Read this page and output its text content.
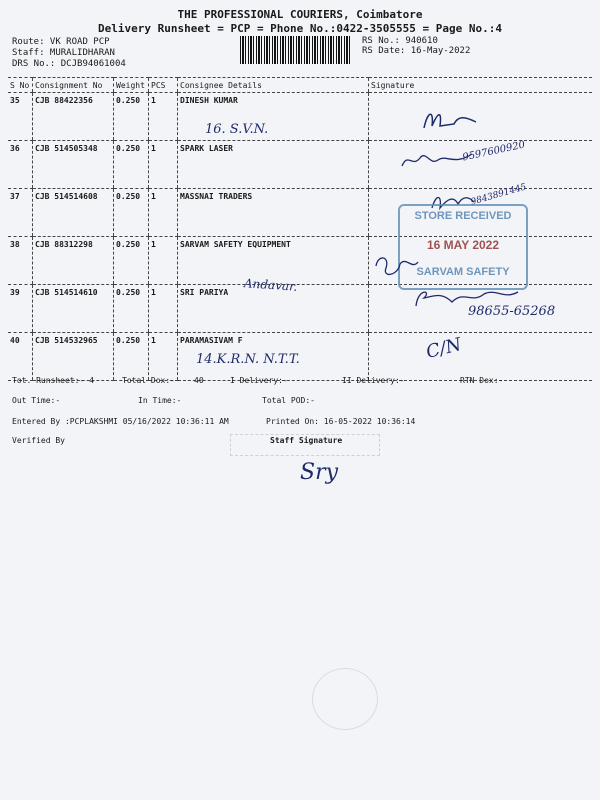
THE PROFESSIONAL COURIERS, Coimbatore
Delivery Runsheet = PCP = Phone No.:0422-3505555 = Page No.:4
Route: VK ROAD PCP
Staff: MURALIDHARAN
DRS No.: DCJB94061004
RS No.: 940610
RS Date: 16-May-2022
S No	Consignment No	Weight	PCS	Consignee Details	Signature
35	CJB 88422356	0.250	1	DINESH KUMAR	
36	CJB 514505348	0.250	1	SPARK LASER	
37	CJB 514514608	0.250	1	MASSNAI TRADERS	
38	CJB 88312298	0.250	1	SARVAM SAFETY EQUIPMENT	
39	CJB 514514610	0.250	1	SRI PARIYA	
40	CJB 514532965	0.250	1	PARAMASIVAM F	
16. S.V.N.
9597600920
9843891445
STORE RECEIVED
16 MAY 2022
SARVAM SAFETY
Andavar.
98655-65268
14.K.R.N. N.T.T.	C/N
Tot. Runsheet:- 4	Total Dox:- 40	I Delivery:-	II Delivery:-	RTN Dox:-
Out Time:-	In Time:-	Total POD:-
Entered By :PCPLAKSHMI 05/16/2022 10:36:11 AM	Printed On: 16-05-2022 10:36:14
Verified By	Staff Signature
Sry
